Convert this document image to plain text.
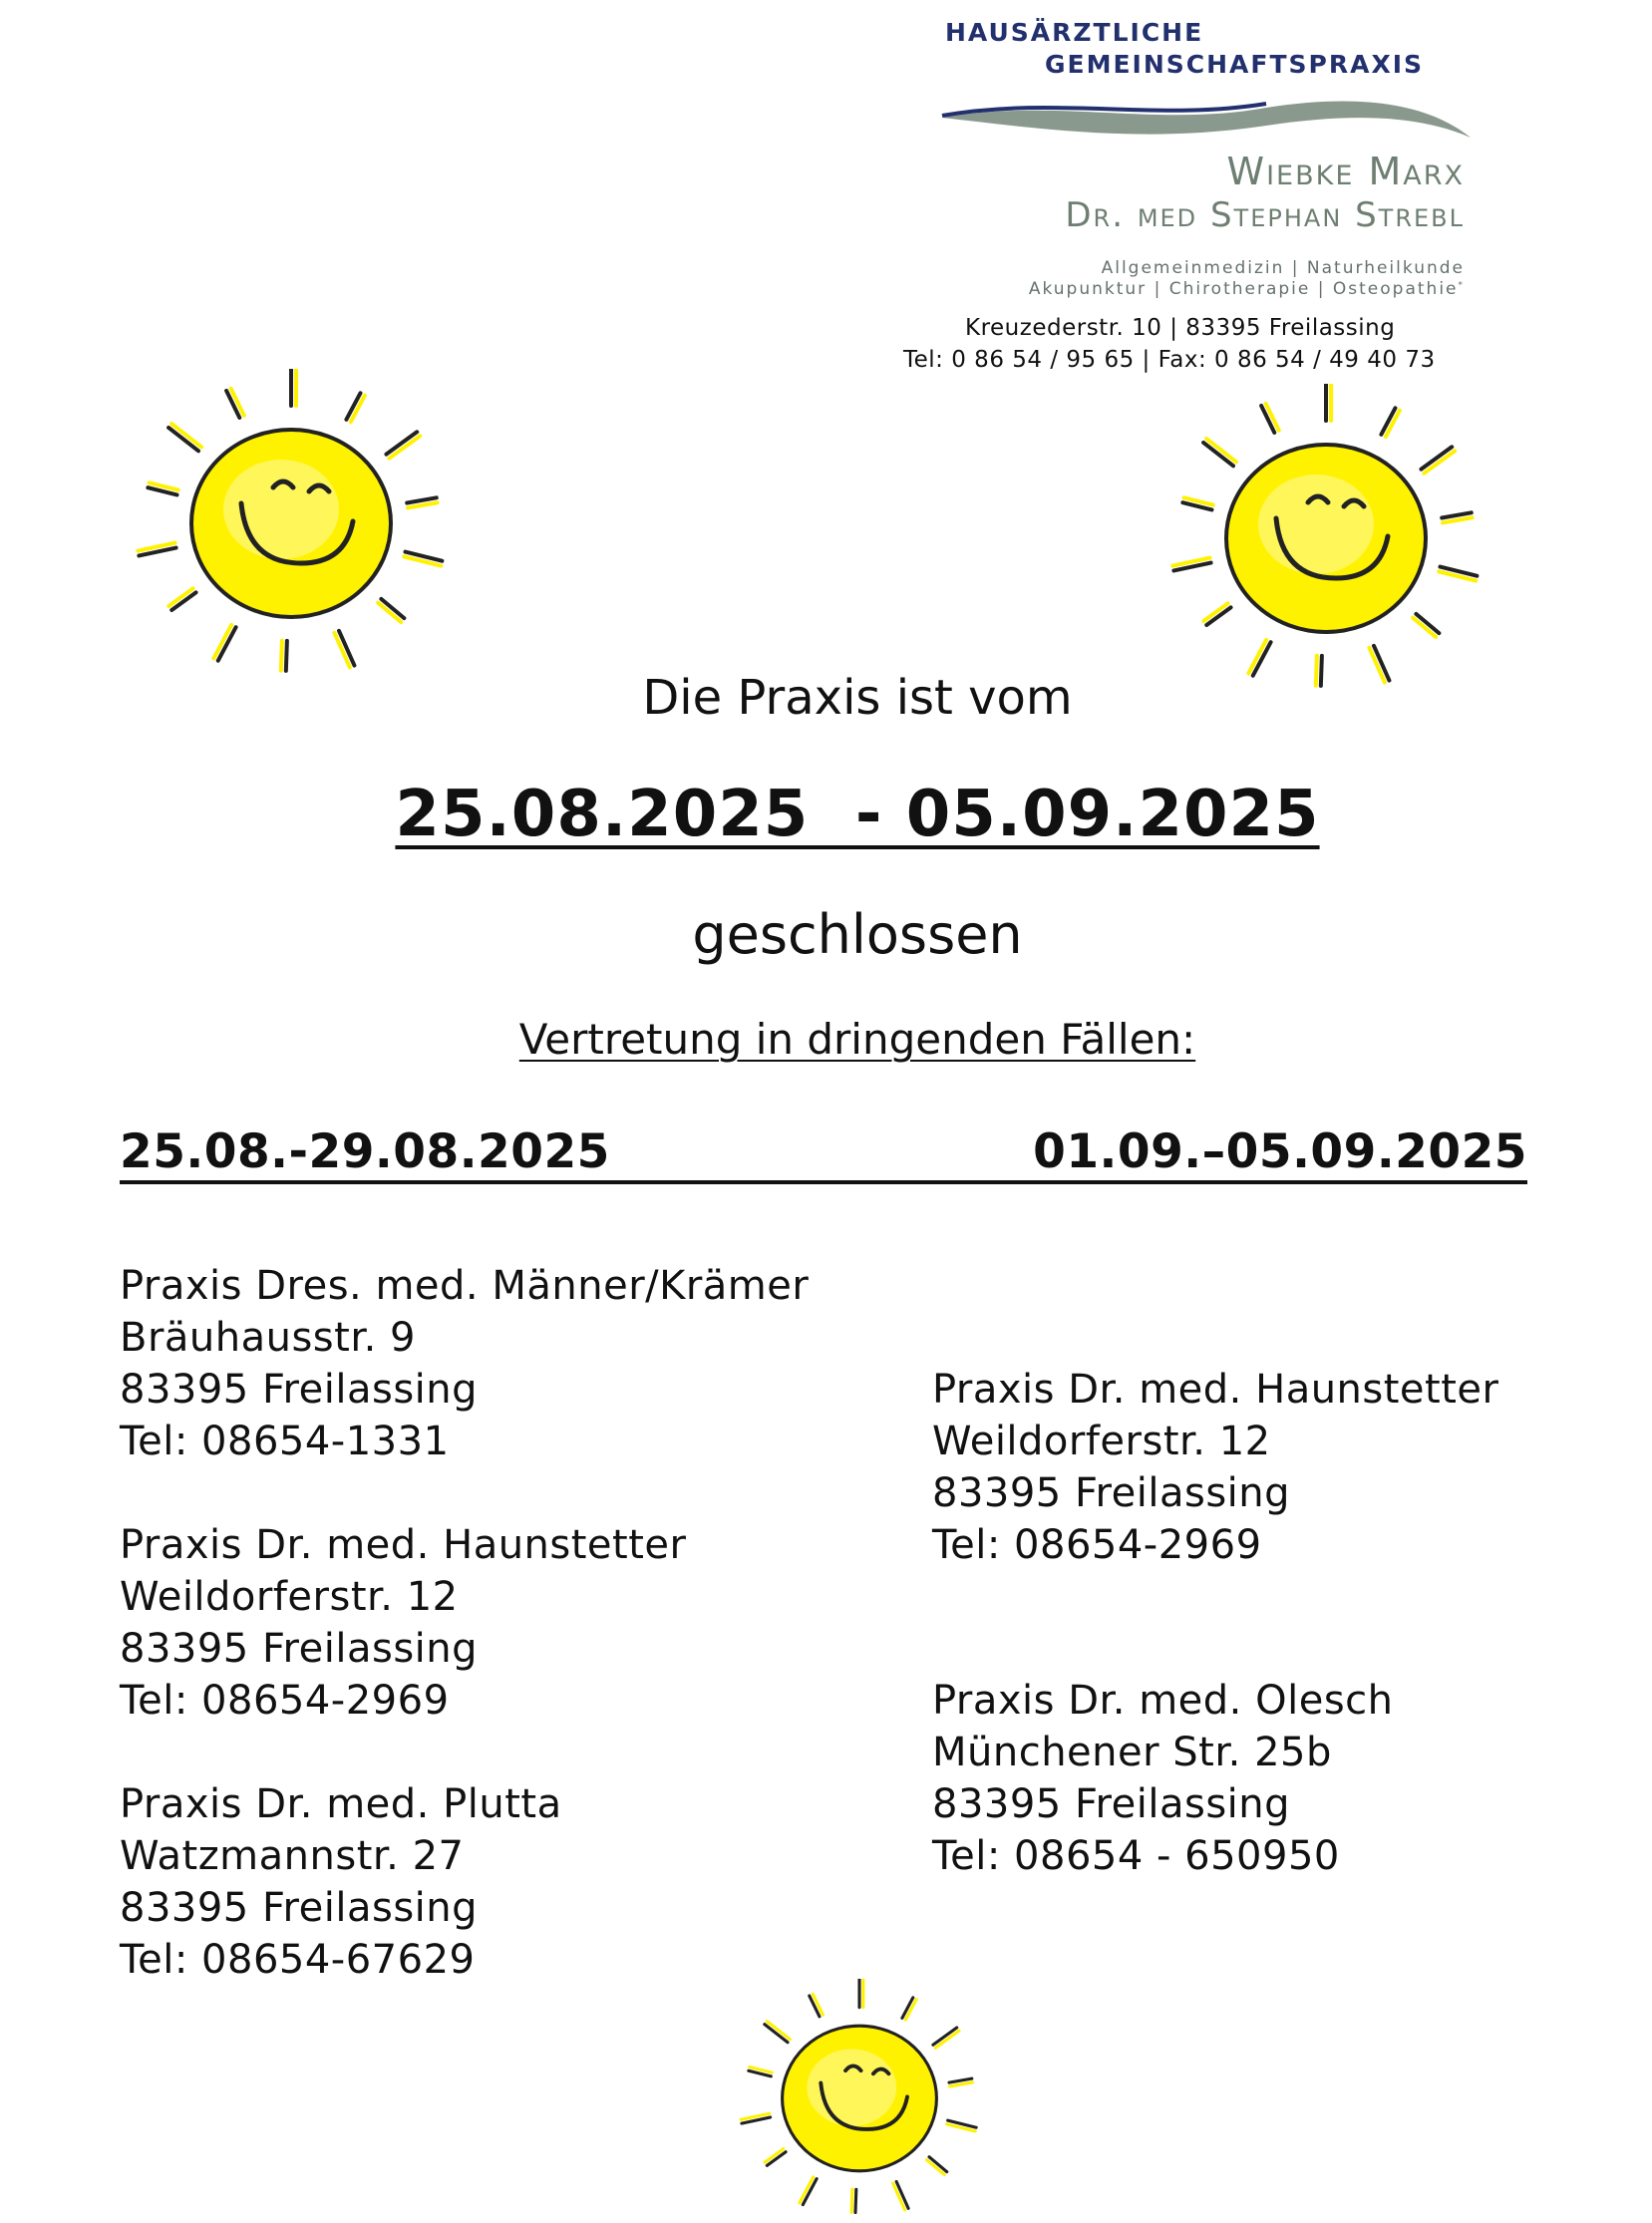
HAUSÄRZTLICHE
GEMEINSCHAFTSPRAXIS
Wiebke Marx
Dr. med Stephan Strebl
Allgemeinmedizin | Naturheilkunde
Akupunktur | Chirotherapie | Osteopathie*
Kreuzederstr. 10 | 83395 Freilassing
Tel: 0 86 54 / 95 65 | Fax: 0 86 54 / 49 40 73
Die Praxis ist vom
25.08.2025  - 05.09.2025
geschlossen
Vertretung in dringenden Fällen:
25.08.-29.08.2025	01.09.–05.09.2025
Praxis Dres. med. Männer/Krämer
Bräuhausstr. 9
83395 Freilassing
Tel: 08654-1331
Praxis Dr. med. Haunstetter
Weildorferstr. 12
83395 Freilassing
Tel: 08654-2969
Praxis Dr. med. Plutta
Watzmannstr. 27
83395 Freilassing
Tel: 08654-67629
Praxis Dr. med. Haunstetter
Weildorferstr. 12
83395 Freilassing
Tel: 08654-2969
Praxis Dr. med. Olesch
Münchener Str. 25b
83395 Freilassing
Tel: 08654 - 650950
